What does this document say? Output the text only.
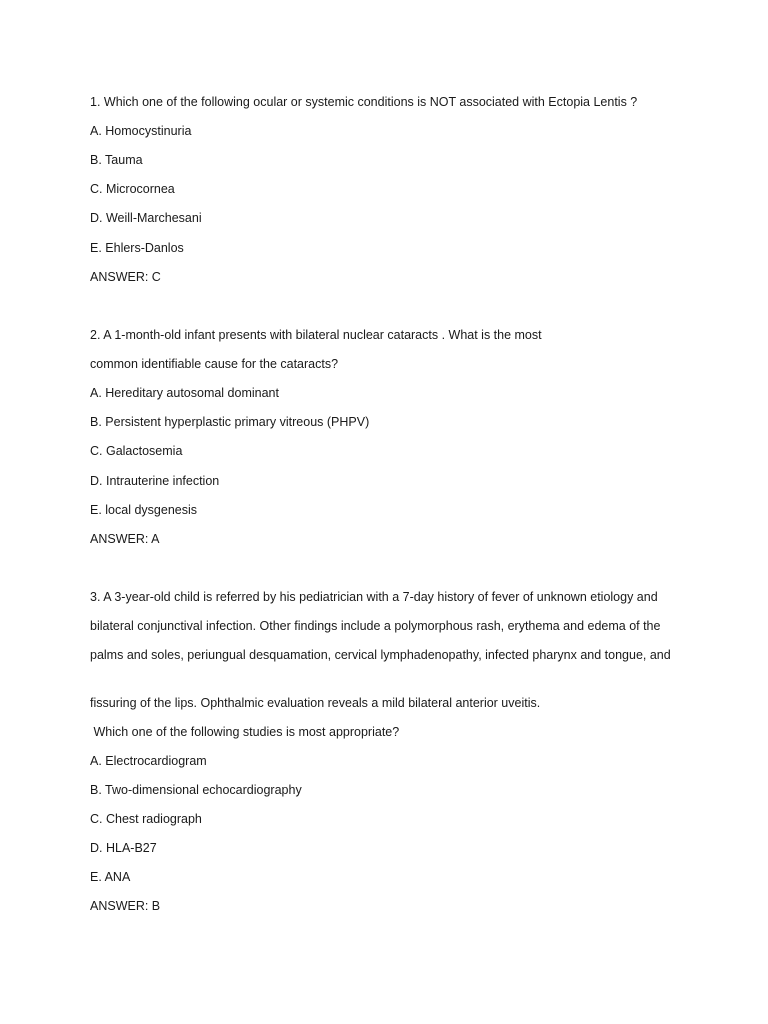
1. Which one of the following ocular or systemic conditions is NOT associated with Ectopia Lentis ?
A. Homocystinuria
B. Tauma
C. Microcornea
D. Weill-Marchesani
E. Ehlers-Danlos
ANSWER: C
2. A 1-month-old infant presents with bilateral nuclear cataracts . What is the most
common identifiable cause for the cataracts?
A. Hereditary autosomal dominant
B. Persistent hyperplastic primary vitreous (PHPV)
C. Galactosemia
D. Intrauterine infection
E. local dysgenesis
ANSWER: A
3. A 3-year-old child is referred by his pediatrician with a 7-day history of fever of unknown etiology and
bilateral conjunctival infection. Other findings include a polymorphous rash, erythema and edema of the
palms and soles, periungual desquamation, cervical lymphadenopathy, infected pharynx and tongue, and
fissuring of the lips. Ophthalmic evaluation reveals a mild bilateral anterior uveitis.
Which one of the following studies is most appropriate?
A. Electrocardiogram
B. Two-dimensional echocardiography
C. Chest radiograph
D. HLA-B27
E. ANA
ANSWER: B
